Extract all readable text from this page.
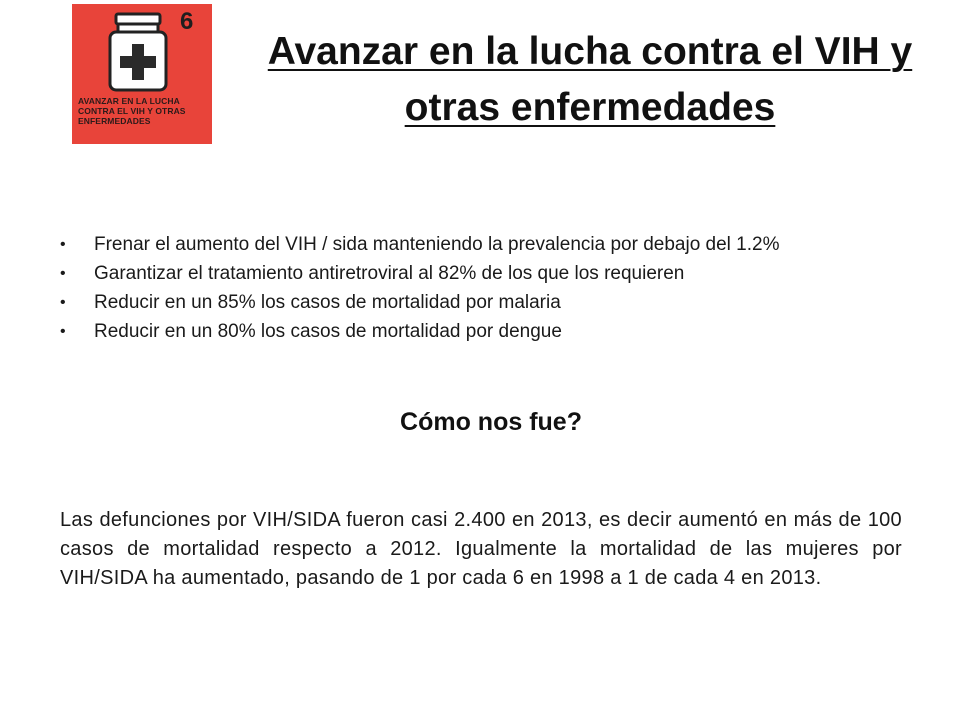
6
AVANZAR EN LA LUCHA CONTRA EL VIH Y OTRAS ENFERMEDADES
Avanzar en la lucha contra el VIH y otras enfermedades
• Frenar el aumento del VIH / sida manteniendo la prevalencia por debajo del 1.2%
• Garantizar el tratamiento antiretroviral al 82% de los que los requieren
• Reducir en un 85% los casos de mortalidad por malaria
• Reducir en un 80% los casos de mortalidad por dengue
Cómo nos fue?
Las defunciones por VIH/SIDA fueron casi 2.400 en 2013, es decir aumentó en más de 100 casos de mortalidad respecto a 2012. Igualmente la mortalidad de las mujeres por VIH/SIDA ha aumentado, pasando de 1 por cada 6 en 1998 a 1 de cada 4 en 2013.
